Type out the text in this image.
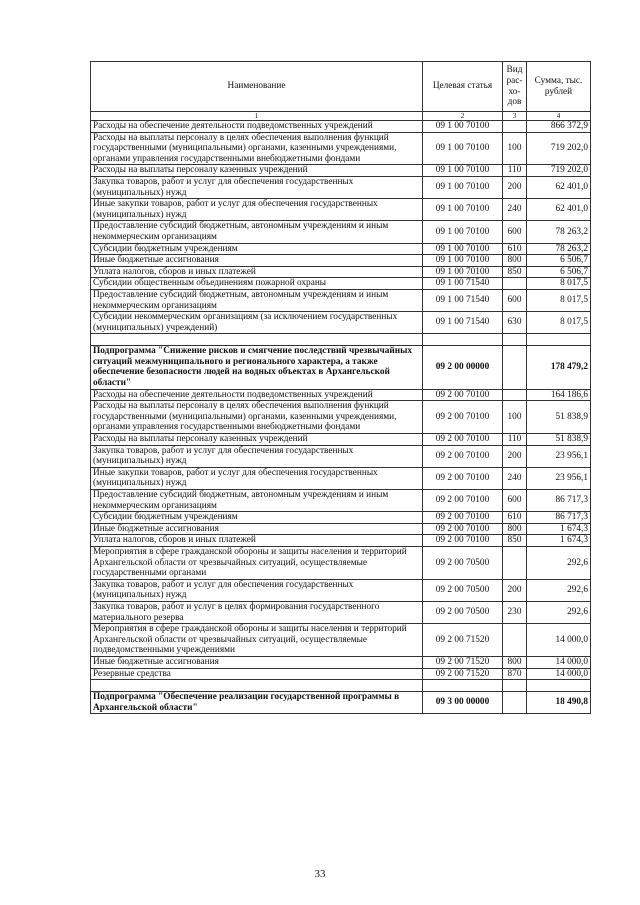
Наименование	Целевая статья	Вид рас-хо-дов	Сумма, тыс. рублей
1	2	3	4
Расходы на обеспечение деятельности подведомственных учреждений	09 1 00 70100		866 372,9
Расходы на выплаты персоналу в целях обеспечения выполнения функций государственными (муниципальными) органами, казенными учреждениями, органами управления государственными внебюджетными фондами	09 1 00 70100	100	719 202,0
Расходы на выплаты персоналу казенных учреждений	09 1 00 70100	110	719 202,0
Закупка товаров, работ и услуг для обеспечения государственных (муниципальных) нужд	09 1 00 70100	200	62 401,0
Иные закупки товаров, работ и услуг для обеспечения государственных (муниципальных) нужд	09 1 00 70100	240	62 401,0
Предоставление субсидий бюджетным, автономным учреждениям и иным некоммерческим организациям	09 1 00 70100	600	78 263,2
Субсидии бюджетным учреждениям	09 1 00 70100	610	78 263,2
Иные бюджетные ассигнования	09 1 00 70100	800	6 506,7
Уплата налогов, сборов и иных платежей	09 1 00 70100	850	6 506,7
Субсидии общественным объединениям пожарной охраны	09 1 00 71540		8 017,5
Предоставление субсидий бюджетным, автономным учреждениям и иным некоммерческим организациям	09 1 00 71540	600	8 017,5
Субсидии некоммерческим организациям (за исключением государственных (муниципальных) учреждений)	09 1 00 71540	630	8 017,5

Подпрограмма "Снижение рисков и смягчение последствий чрезвычайных ситуаций межмуниципального и регионального характера, а также обеспечение безопасности людей на водных объектах в Архангельской области"	09 2 00 00000		178 479,2
Расходы на обеспечение деятельности подведомственных учреждений	09 2 00 70100		164 186,6
Расходы на выплаты персоналу в целях обеспечения выполнения функций государственными (муниципальными) органами, казенными учреждениями, органами управления государственными внебюджетными фондами	09 2 00 70100	100	51 838,9
Расходы на выплаты персоналу казенных учреждений	09 2 00 70100	110	51 838,9
Закупка товаров, работ и услуг для обеспечения государственных (муниципальных) нужд	09 2 00 70100	200	23 956,1
Иные закупки товаров, работ и услуг для обеспечения государственных (муниципальных) нужд	09 2 00 70100	240	23 956,1
Предоставление субсидий бюджетным, автономным учреждениям и иным некоммерческим организациям	09 2 00 70100	600	86 717,3
Субсидии бюджетным учреждениям	09 2 00 70100	610	86 717,3
Иные бюджетные ассигнования	09 2 00 70100	800	1 674,3
Уплата налогов, сборов и иных платежей	09 2 00 70100	850	1 674,3
Мероприятия в сфере гражданской обороны и защиты населения и территорий Архангельской области от чрезвычайных ситуаций, осуществляемые государственными органами	09 2 00 70500		292,6
Закупка товаров, работ и услуг для обеспечения государственных (муниципальных) нужд	09 2 00 70500	200	292,6
Закупка товаров, работ и услуг в целях формирования государственного материального резерва	09 2 00 70500	230	292,6
Мероприятия в сфере гражданской обороны и защиты населения и территорий Архангельской области от чрезвычайных ситуаций, осуществляемые подведомственными учреждениями	09 2 00 71520		14 000,0
Иные бюджетные ассигнования	09 2 00 71520	800	14 000,0
Резервные средства	09 2 00 71520	870	14 000,0

Подпрограмма "Обеспечение реализации государственной программы в Архангельской области"	09 3 00 00000		18 490,8
33
